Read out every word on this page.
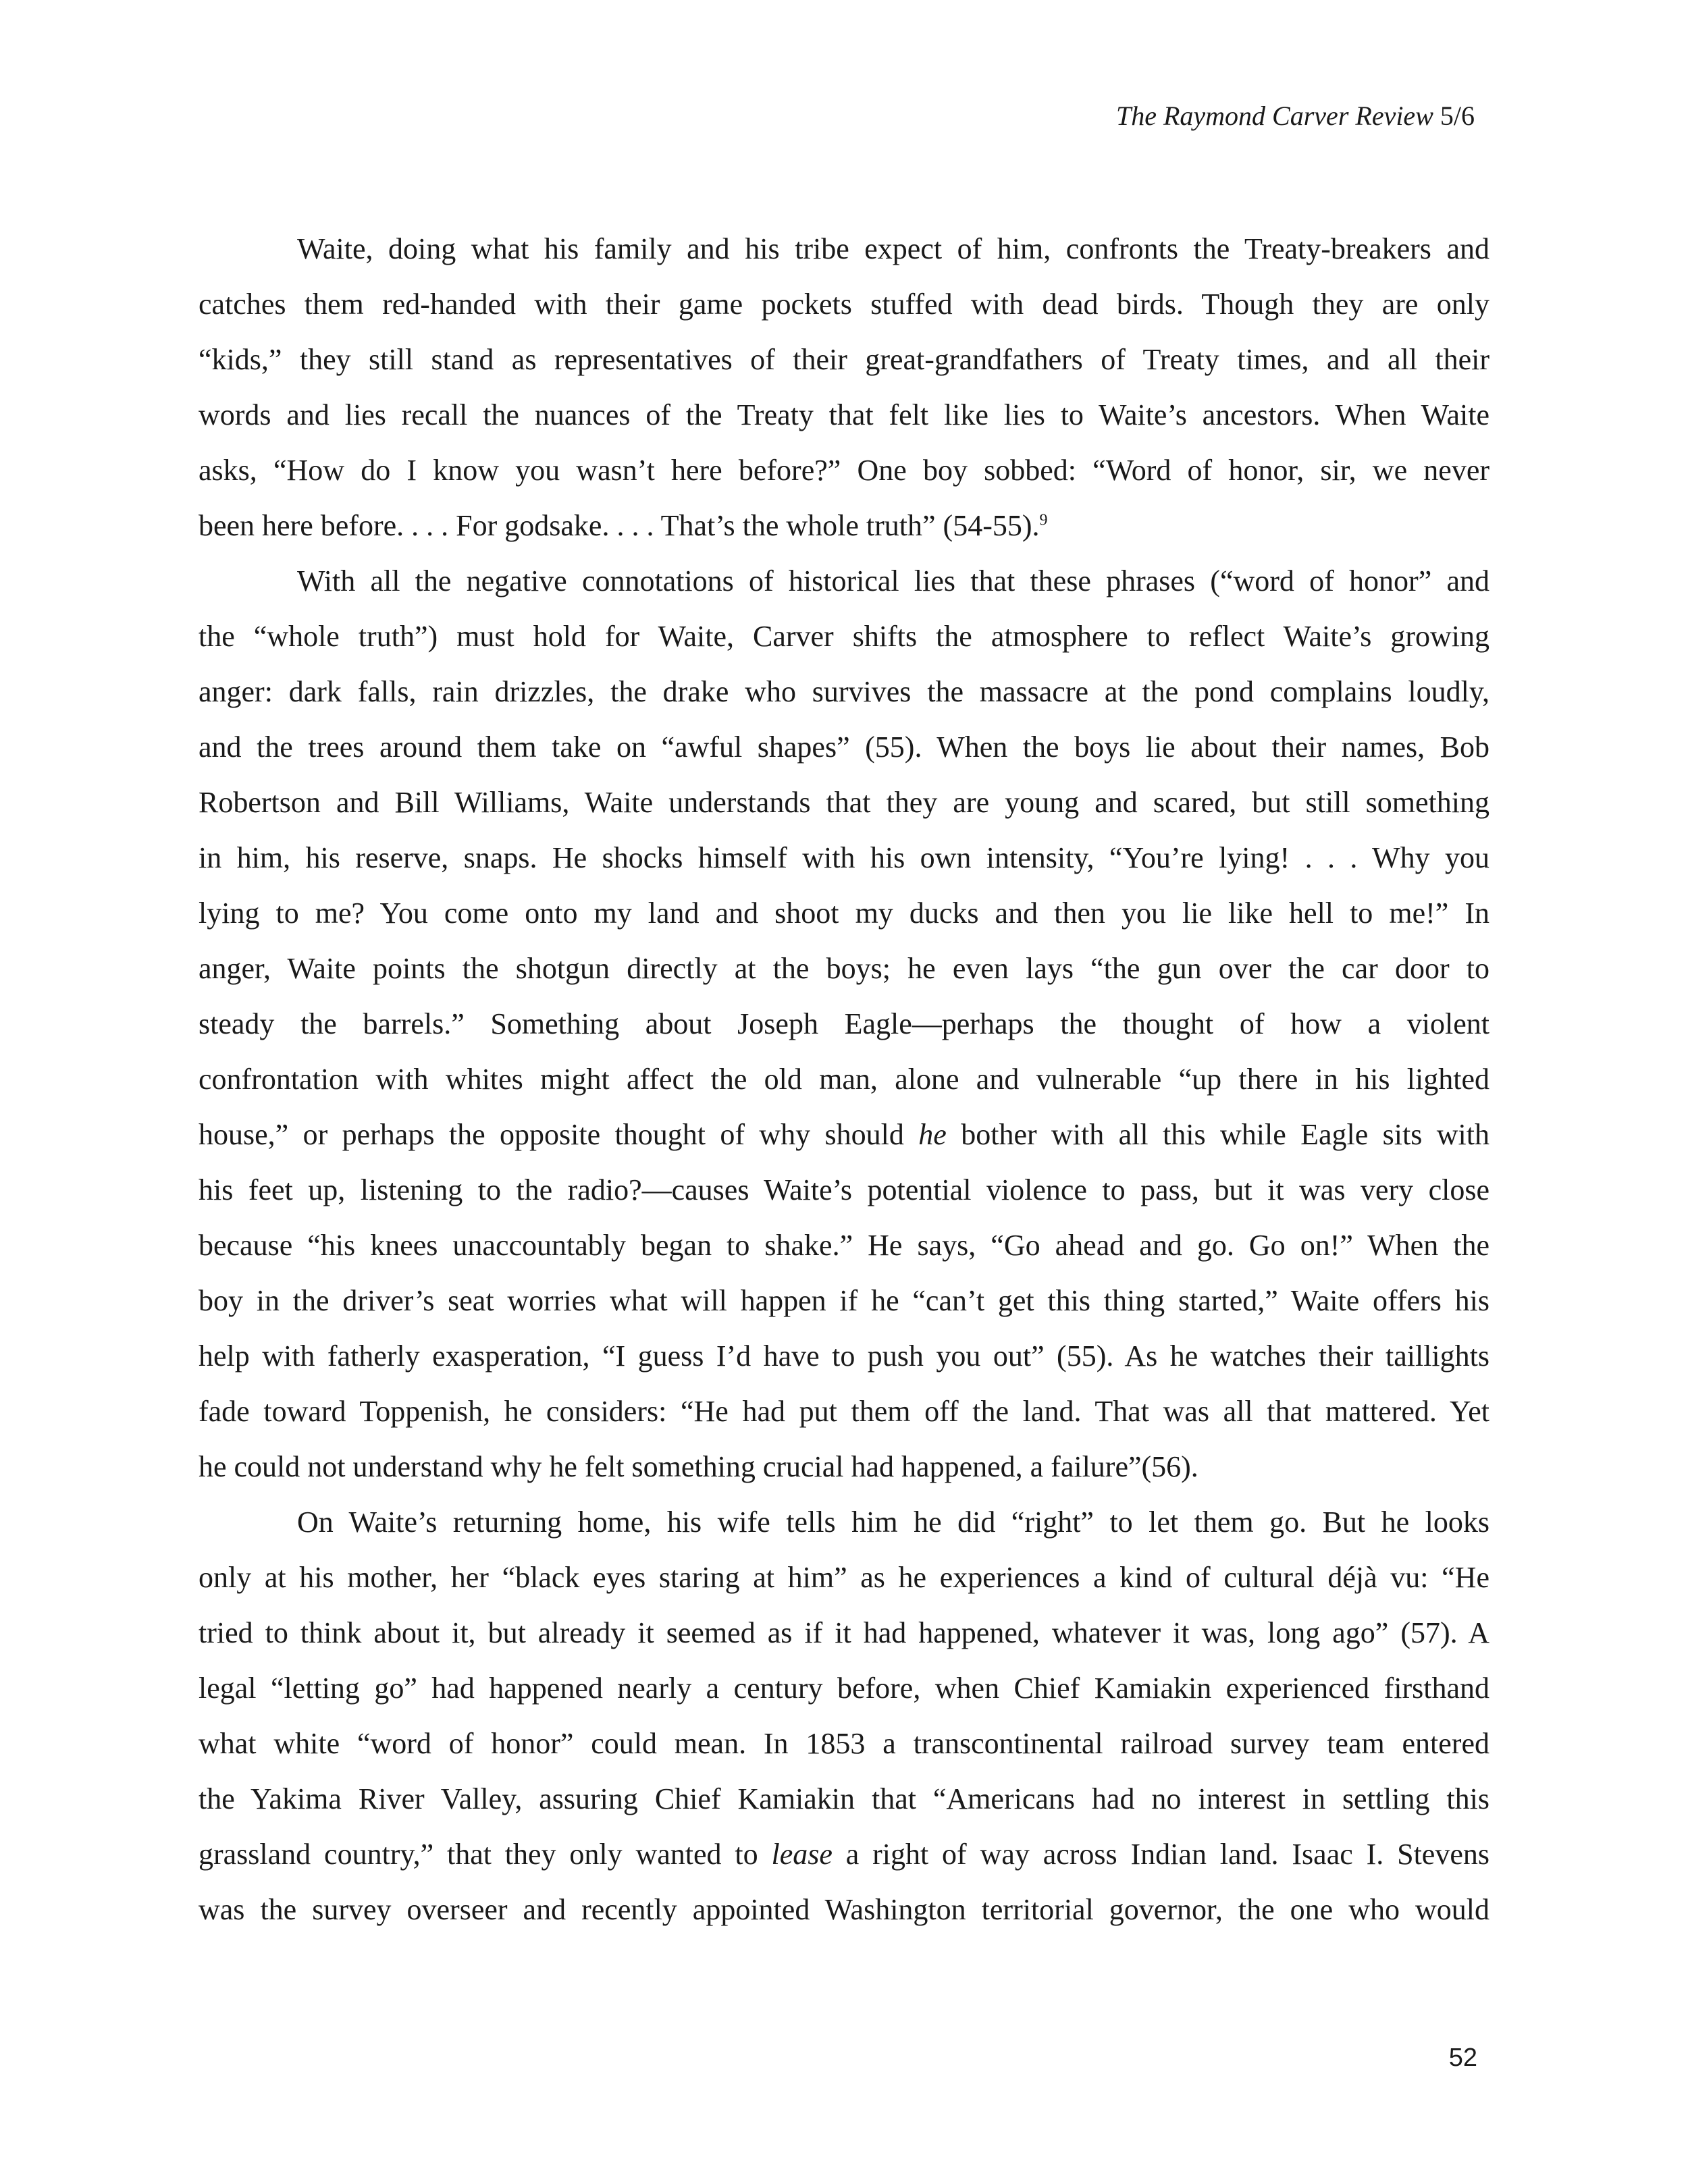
The Raymond Carver Review 5/6
Waite, doing what his family and his tribe expect of him, confronts the Treaty-breakers and
catches them red-handed with their game pockets stuffed with dead birds. Though they are only
“kids,” they still stand as representatives of their great-grandfathers of Treaty times, and all their
words and lies recall the nuances of the Treaty that felt like lies to Waite’s ancestors. When Waite
asks, “How do I know you wasn’t here before?” One boy sobbed: “Word of honor, sir, we never
been here before. . . . For godsake. . . . That’s the whole truth” (54-55).$^9$
With all the negative connotations of historical lies that these phrases (“word of honor” and
the “whole truth”) must hold for Waite, Carver shifts the atmosphere to reflect Waite’s growing
anger: dark falls, rain drizzles, the drake who survives the massacre at the pond complains loudly,
and the trees around them take on “awful shapes” (55). When the boys lie about their names, Bob
Robertson and Bill Williams, Waite understands that they are young and scared, but still something
in him, his reserve, snaps. He shocks himself with his own intensity, “You’re lying! . . . Why you
lying to me? You come onto my land and shoot my ducks and then you lie like hell to me!” In
anger, Waite points the shotgun directly at the boys; he even lays “the gun over the car door to
steady the barrels.” Something about Joseph Eagle—perhaps the thought of how a violent
confrontation with whites might affect the old man, alone and vulnerable “up there in his lighted
house,” or perhaps the opposite thought of why should he bother with all this while Eagle sits with
his feet up, listening to the radio?—causes Waite’s potential violence to pass, but it was very close
because “his knees unaccountably began to shake.” He says, “Go ahead and go. Go on!” When the
boy in the driver’s seat worries what will happen if he “can’t get this thing started,” Waite offers his
help with fatherly exasperation, “I guess I’d have to push you out” (55). As he watches their taillights
fade toward Toppenish, he considers: “He had put them off the land. That was all that mattered. Yet
he could not understand why he felt something crucial had happened, a failure”(56).
On Waite’s returning home, his wife tells him he did “right” to let them go. But he looks
only at his mother, her “black eyes staring at him” as he experiences a kind of cultural déjà vu: “He
tried to think about it, but already it seemed as if it had happened, whatever it was, long ago” (57). A
legal “letting go” had happened nearly a century before, when Chief Kamiakin experienced firsthand
what white “word of honor” could mean. In 1853 a transcontinental railroad survey team entered
the Yakima River Valley, assuring Chief Kamiakin that “Americans had no interest in settling this
grassland country,” that they only wanted to lease a right of way across Indian land. Isaac I. Stevens
was the survey overseer and recently appointed Washington territorial governor, the one who would
52
